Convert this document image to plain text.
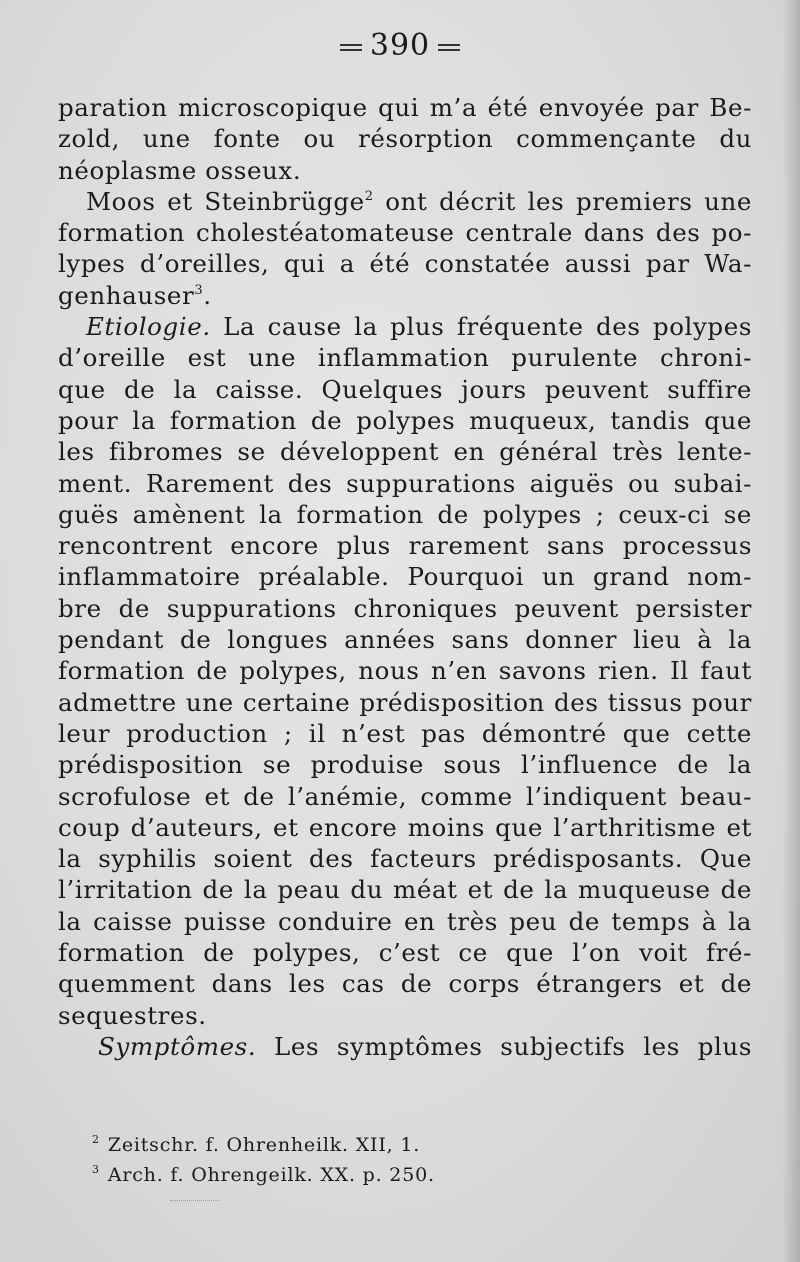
390
paration microscopique qui m’a été envoyée par Be-
zold, une fonte ou résorption commençante du
néoplasme osseux.
Moos et Steinbrügge$^2$ ont décrit les premiers une
formation cholestéatomateuse centrale dans des po-
lypes d’oreilles, qui a été constatée aussi par Wa-
genhauser$^3$.
Etiologie. La cause la plus fréquente des polypes
d’oreille est une inflammation purulente chroni-
que de la caisse. Quelques jours peuvent suffire
pour la formation de polypes muqueux, tandis que
les fibromes se développent en général très lente-
ment. Rarement des suppurations aiguës ou subai-
guës amènent la formation de polypes ; ceux-ci se
rencontrent encore plus rarement sans processus
inflammatoire préalable. Pourquoi un grand nom-
bre de suppurations chroniques peuvent persister
pendant de longues années sans donner lieu à la
formation de polypes, nous n’en savons rien. Il faut
admettre une certaine prédisposition des tissus pour
leur production ; il n’est pas démontré que cette
prédisposition se produise sous l’influence de la
scrofulose et de l’anémie, comme l’indiquent beau-
coup d’auteurs, et encore moins que l’arthritisme et
la syphilis soient des facteurs prédisposants. Que
l’irritation de la peau du méat et de la muqueuse de
la caisse puisse conduire en très peu de temps à la
formation de polypes, c’est ce que l’on voit fré-
quemment dans les cas de corps étrangers et de
sequestres.
Symptômes. Les symptômes subjectifs les plus
$^2$ Zeitschr. f. Ohrenheilk. XII, 1.
$^3$ Arch. f. Ohrengeilk. XX. p. 250.
